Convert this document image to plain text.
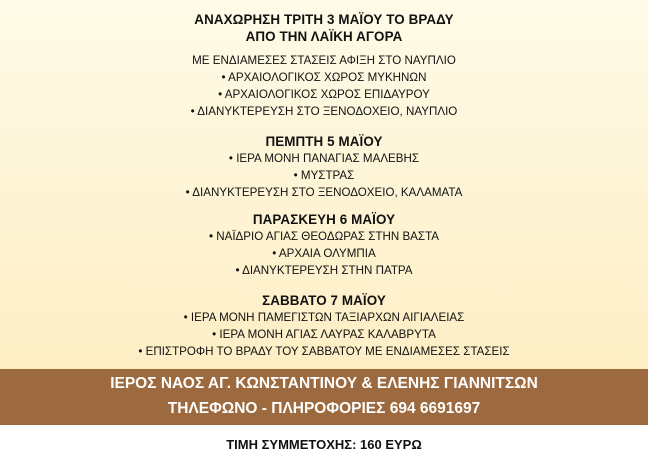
ΑΝΑΧΩΡΗΣΗ ΤΡΙΤΗ 3 ΜΑΪΟΥ ΤΟ ΒΡΑΔΥ
ΑΠΟ ΤΗΝ ΛΑΪΚΗ ΑΓΟΡΑ
ΜΕ ΕΝΔΙΑΜΕΣΕΣ ΣΤΑΣΕΙΣ ΑΦΙΞΗ ΣΤΟ ΝΑΥΠΛΙΟ
• ΑΡΧΑΙΟΛΟΓΙΚΟΣ ΧΩΡΟΣ ΜΥΚΗΝΩΝ
• ΑΡΧΑΙΟΛΟΓΙΚΟΣ ΧΩΡΟΣ ΕΠΙΔΑΥΡΟΥ
• ΔΙΑΝΥΚΤΕΡΕΥΣΗ ΣΤΟ ΞΕΝΟΔΟΧΕΙΟ, ΝΑΥΠΛΙΟ
ΠΕΜΠΤΗ 5 ΜΑΪΟΥ
• ΙΕΡΑ ΜΟΝΗ ΠΑΝΑΓΙΑΣ ΜΑΛΕΒΗΣ
• ΜΥΣΤΡΑΣ
• ΔΙΑΝΥΚΤΕΡΕΥΣΗ ΣΤΟ ΞΕΝΟΔΟΧΕΙΟ, ΚΑΛΑΜΑΤΑ
ΠΑΡΑΣΚΕΥΗ 6 ΜΑΪΟΥ
• ΝΑΪΔΡΙΟ ΑΓΙΑΣ ΘΕΟΔΩΡΑΣ ΣΤΗΝ ΒΑΣΤΑ
• ΑΡΧΑΙΑ ΟΛΥΜΠΙΑ
• ΔΙΑΝΥΚΤΕΡΕΥΣΗ ΣΤΗΝ ΠΑΤΡΑ
ΣΑΒΒΑΤΟ 7 ΜΑΪΟΥ
• ΙΕΡΑ ΜΟΝΗ ΠΑΜΕΓΙΣΤΩΝ ΤΑΞΙΑΡΧΩΝ ΑΙΓΙΑΛΕΙΑΣ
• ΙΕΡΑ ΜΟΝΗ ΑΓΙΑΣ ΛΑΥΡΑΣ ΚΑΛΑΒΡΥΤΑ
• ΕΠΙΣΤΡΟΦΗ ΤΟ ΒΡΑΔΥ ΤΟΥ ΣΑΒΒΑΤΟΥ ΜΕ ΕΝΔΙΑΜΕΣΕΣ ΣΤΑΣΕΙΣ
ΙΕΡΟΣ ΝΑΟΣ ΑΓ. ΚΩΝΣΤΑΝΤΙΝΟΥ & ΕΛΕΝΗΣ ΓΙΑΝΝΙΤΣΩΝ
ΤΗΛΕΦΩΝΟ - ΠΛΗΡΟΦΟΡΙΕΣ 694 6691697
ΤΙΜΗ ΣΥΜΜΕΤΟΧΗΣ: 160 ΕΥΡΩ
